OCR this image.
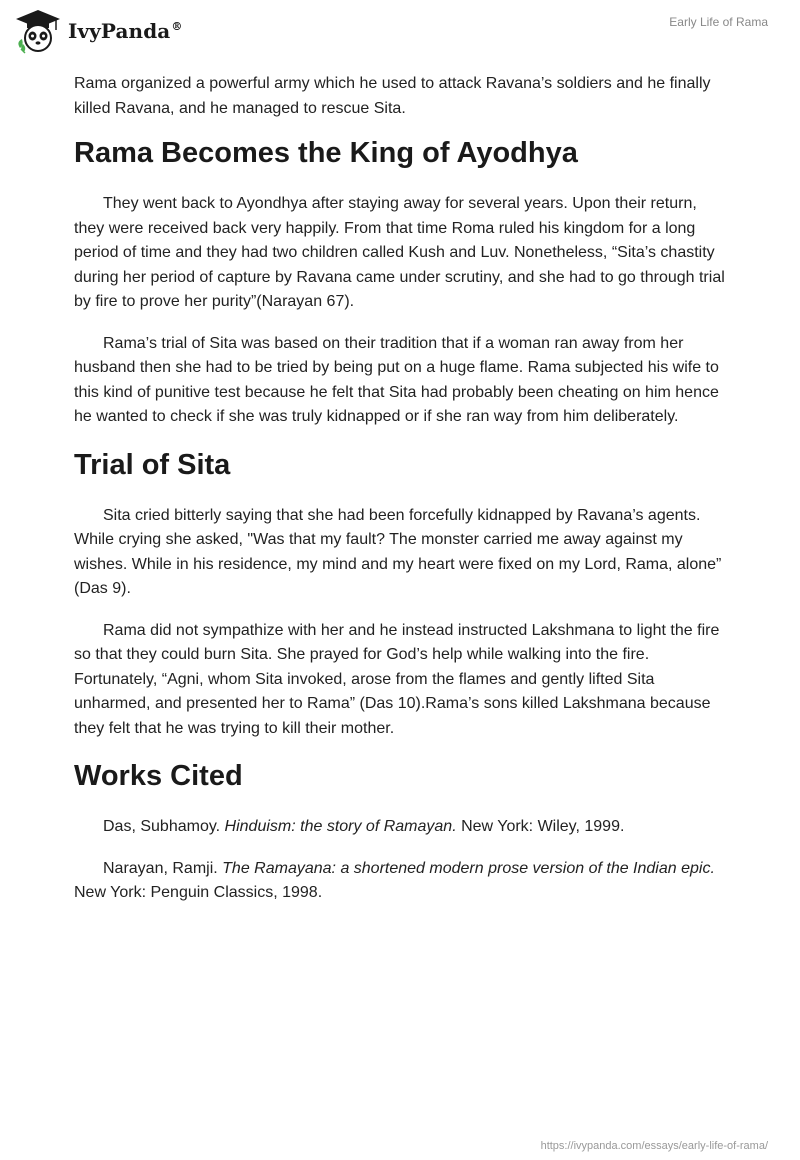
IvyPanda®	Early Life of Rama

Rama organized a powerful army which he used to attack Ravana’s soldiers and he finally killed Ravana, and he managed to rescue Sita.

Rama Becomes the King of Ayodhya

They went back to Ayondhya after staying away for several years. Upon their return, they were received back very happily. From that time Roma ruled his kingdom for a long period of time and they had two children called Kush and Luv. Nonetheless, “Sita’s chastity during her period of capture by Ravana came under scrutiny, and she had to go through trial by fire to prove her purity”(Narayan 67).

Rama’s trial of Sita was based on their tradition that if a woman ran away from her husband then she had to be tried by being put on a huge flame. Rama subjected his wife to this kind of punitive test because he felt that Sita had probably been cheating on him hence he wanted to check if she was truly kidnapped or if she ran way from him deliberately.

Trial of Sita

Sita cried bitterly saying that she had been forcefully kidnapped by Ravana’s agents. While crying she asked, "Was that my fault? The monster carried me away against my wishes. While in his residence, my mind and my heart were fixed on my Lord, Rama, alone” (Das 9).

Rama did not sympathize with her and he instead instructed Lakshmana to light the fire so that they could burn Sita. She prayed for God’s help while walking into the fire. Fortunately, “Agni, whom Sita invoked, arose from the flames and gently lifted Sita unharmed, and presented her to Rama” (Das 10).Rama’s sons killed Lakshmana because they felt that he was trying to kill their mother.

Works Cited

Das, Subhamoy. Hinduism: the story of Ramayan. New York: Wiley, 1999.

Narayan, Ramji. The Ramayana: a shortened modern prose version of the Indian epic. New York: Penguin Classics, 1998.

https://ivypanda.com/essays/early-life-of-rama/
